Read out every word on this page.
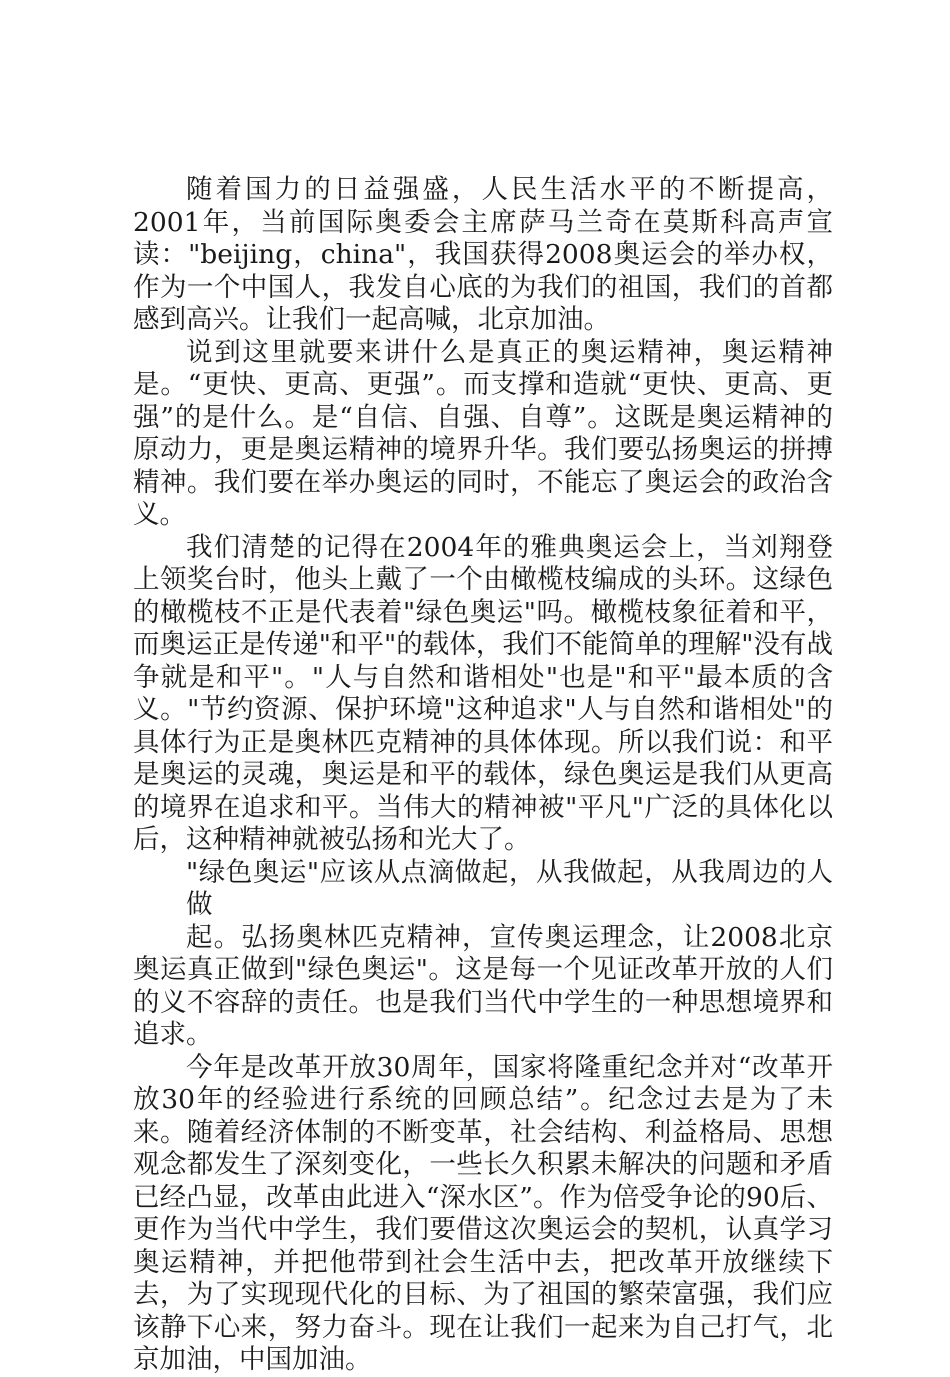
随着国力的日益强盛，人民生活水平的不断提高，2001年，当前国际奥委会主席萨马兰奇在莫斯科高声宣读："beijing，china"，我国获得2008奥运会的举办权，作为一个中国人，我发自心底的为我们的祖国，我们的首都感到高兴。让我们一起高喊，北京加油。

说到这里就要来讲什么是真正的奥运精神，奥运精神是。“更快、更高、更强”。而支撑和造就“更快、更高、更强”的是什么。是“自信、自强、自尊”。这既是奥运精神的原动力，更是奥运精神的境界升华。我们要弘扬奥运的拼搏精神。我们要在举办奥运的同时，不能忘了奥运会的政治含义。

我们清楚的记得在2004年的雅典奥运会上，当刘翔登上领奖台时，他头上戴了一个由橄榄枝编成的头环。这绿色的橄榄枝不正是代表着"绿色奥运"吗。橄榄枝象征着和平，而奥运正是传递"和平"的载体，我们不能简单的理解"没有战争就是和平"。"人与自然和谐相处"也是"和平"最本质的含义。"节约资源、保护环境"这种追求"人与自然和谐相处"的具体行为正是奥林匹克精神的具体体现。所以我们说：和平是奥运的灵魂，奥运是和平的载体，绿色奥运是我们从更高的境界在追求和平。当伟大的精神被"平凡"广泛的具体化以后，这种精神就被弘扬和光大了。

"绿色奥运"应该从点滴做起，从我做起，从我周边的人做
起。弘扬奥林匹克精神，宣传奥运理念，让2008北京奥运真正做到"绿色奥运"。这是每一个见证改革开放的人们的义不容辞的责任。也是我们当代中学生的一种思想境界和追求。

今年是改革开放30周年，国家将隆重纪念并对“改革开放30年的经验进行系统的回顾总结”。纪念过去是为了未来。随着经济体制的不断变革，社会结构、利益格局、思想观念都发生了深刻变化，一些长久积累未解决的问题和矛盾已经凸显，改革由此进入“深水区”。作为倍受争论的90后、更作为当代中学生，我们要借这次奥运会的契机，认真学习奥运精神，并把他带到社会生活中去，把改革开放继续下去，为了实现现代化的目标、为了祖国的繁荣富强，我们应该静下心来，努力奋斗。现在让我们一起来为自己打气，北京加油，中国加油。
